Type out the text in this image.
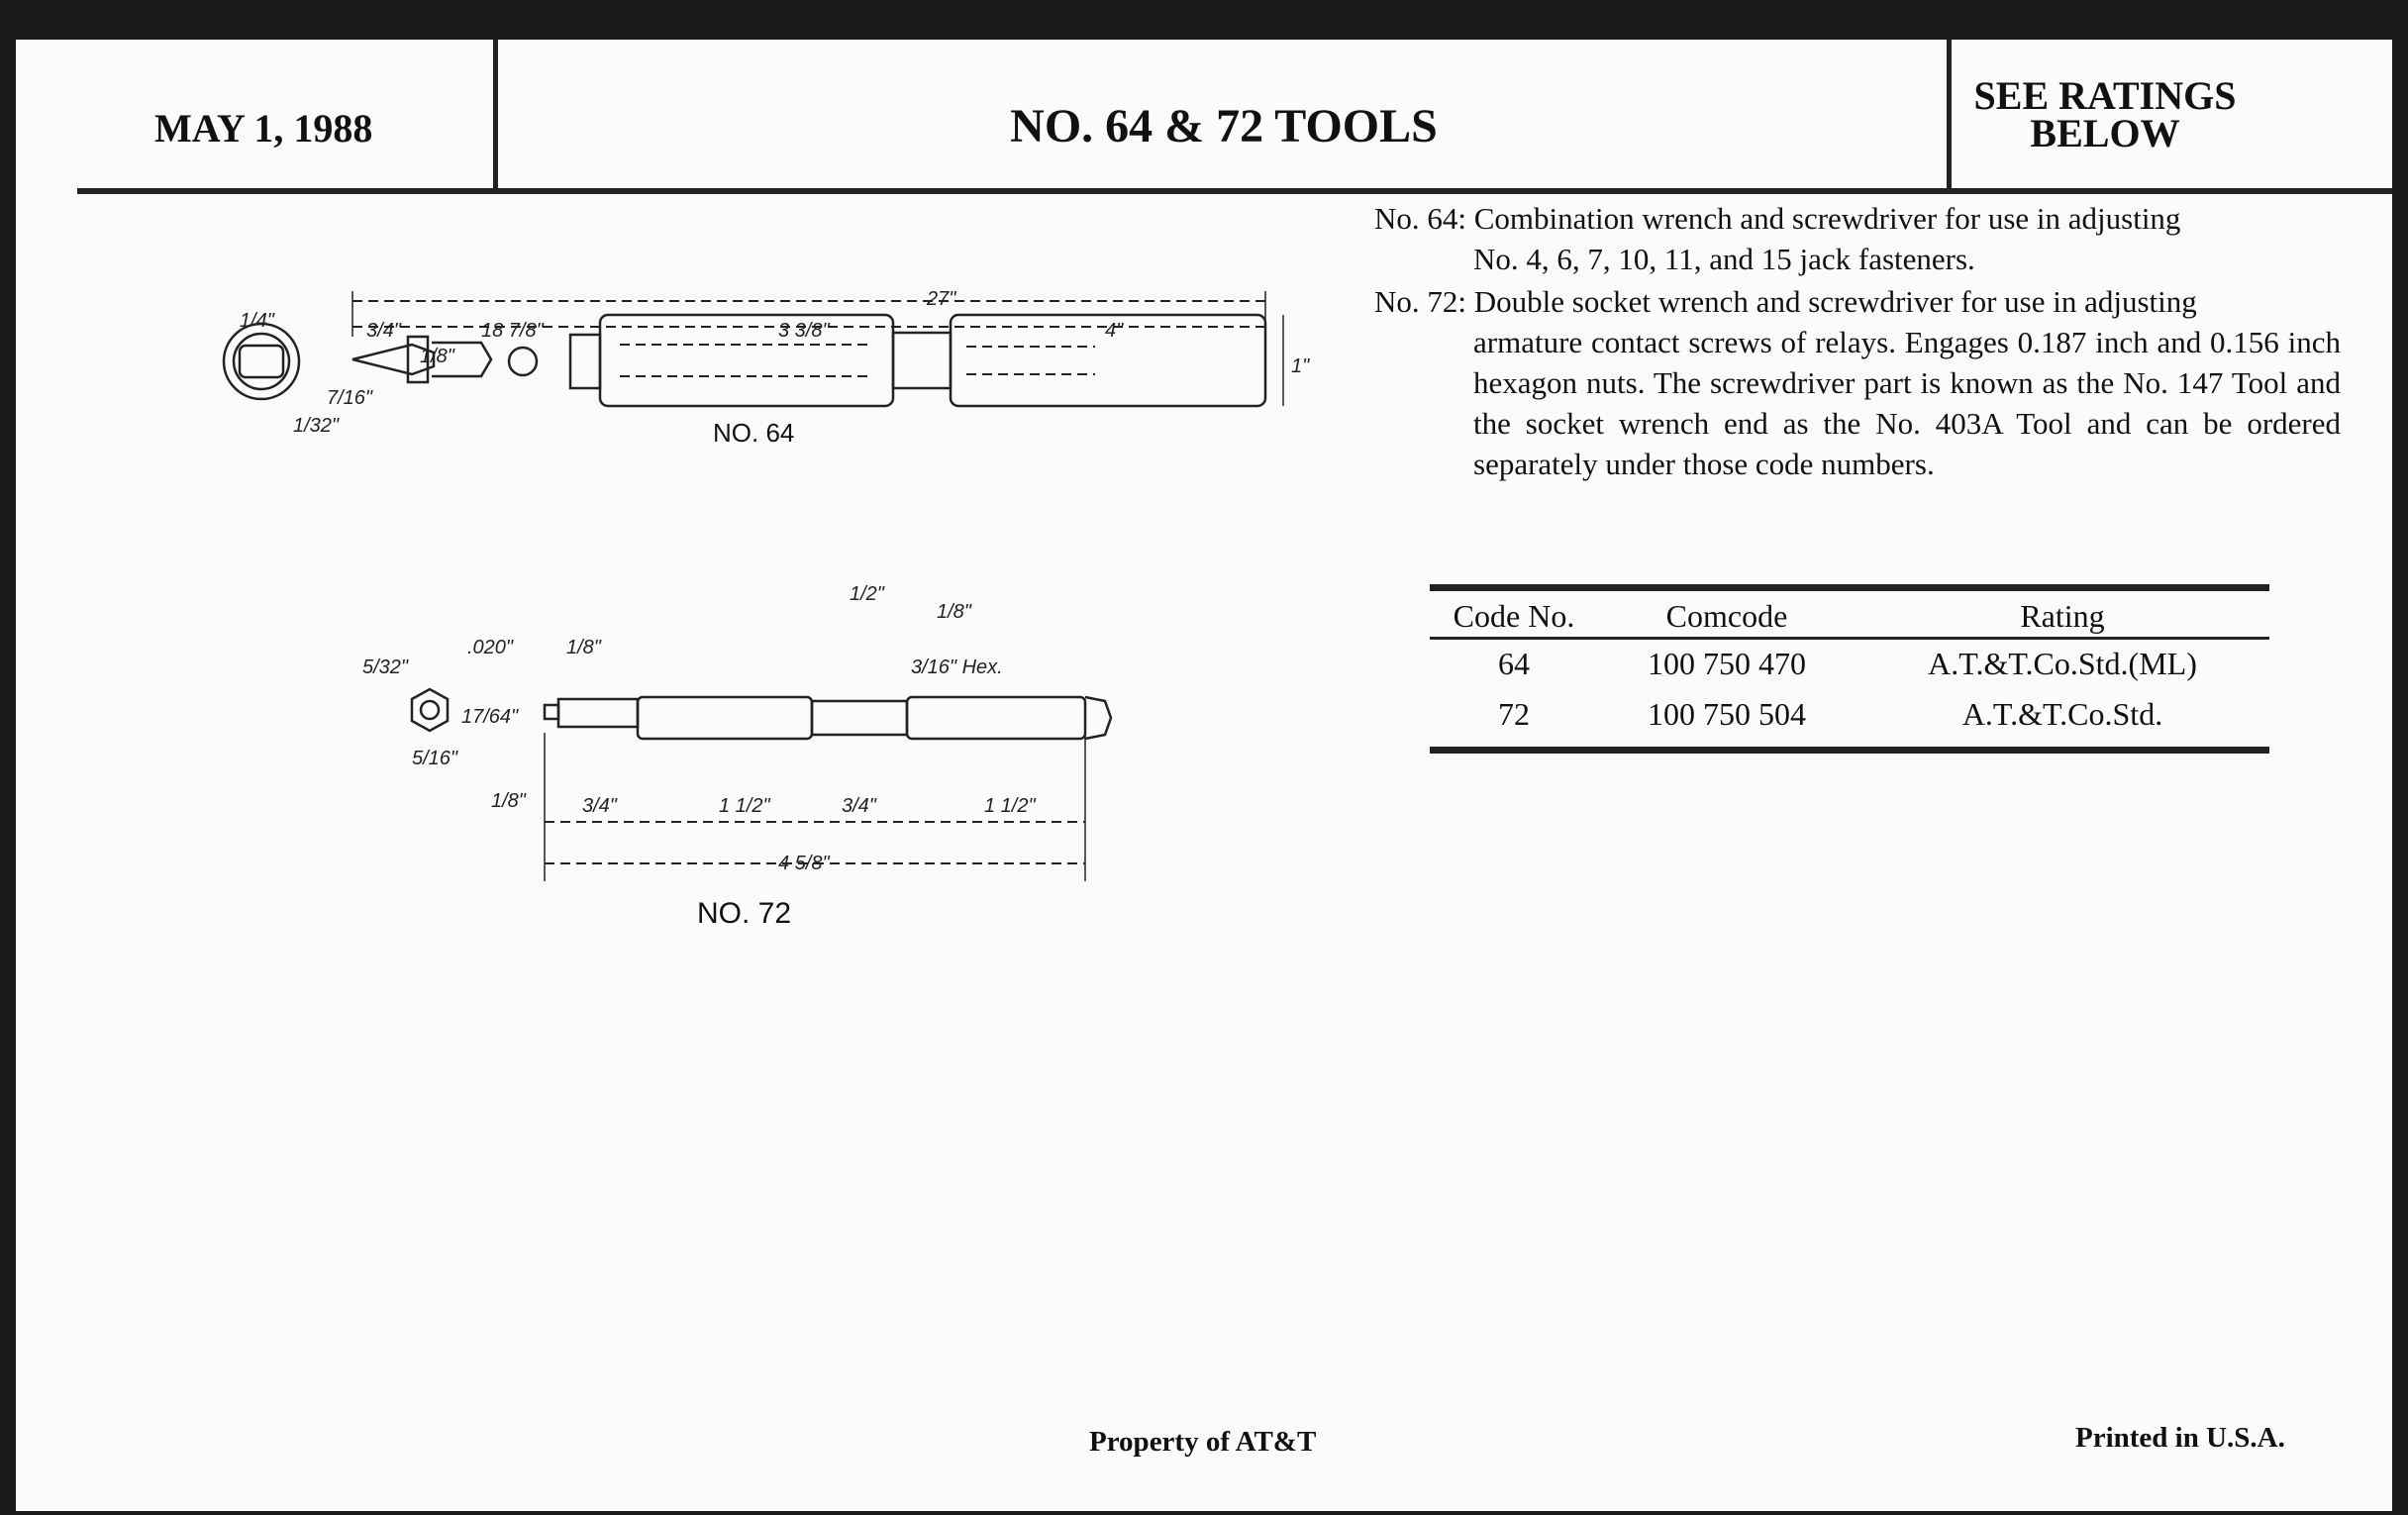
MAY 1, 1988	NO. 64 & 72 TOOLS
SEE RATINGS
BELOW
No. 64: Combination wrench and screwdriver for use in adjusting
No. 4, 6, 7, 10, 11, and 15 jack fasteners.
No. 72: Double socket wrench and screwdriver for use in adjusting
armature contact screws of relays. Engages 0.187 inch and 0.156 inch hexagon nuts. The screwdriver part is known as the No. 147 Tool and the socket wrench end as the No. 403A Tool and can be ordered separately under those code numbers.
Code No.	Comcode	Rating
64	100 750 470	A.T.&T.Co.Std.(ML)
72	100 750 504	A.T.&T.Co.Std.
1/4"	3/4"	18 7/8"
1/8"
3 3/8"
27"
4"
7/16"
1/32"
1"
5/32"
.020"	1/8"
17/64"
5/16"
1/8"	3/4"	1 1/2"	3/4"	1 1/2"
1/2"
1/8"
3/16" Hex.
4 5/8"
NO. 64
NO. 72
Property of AT&T	Printed in U.S.A.
